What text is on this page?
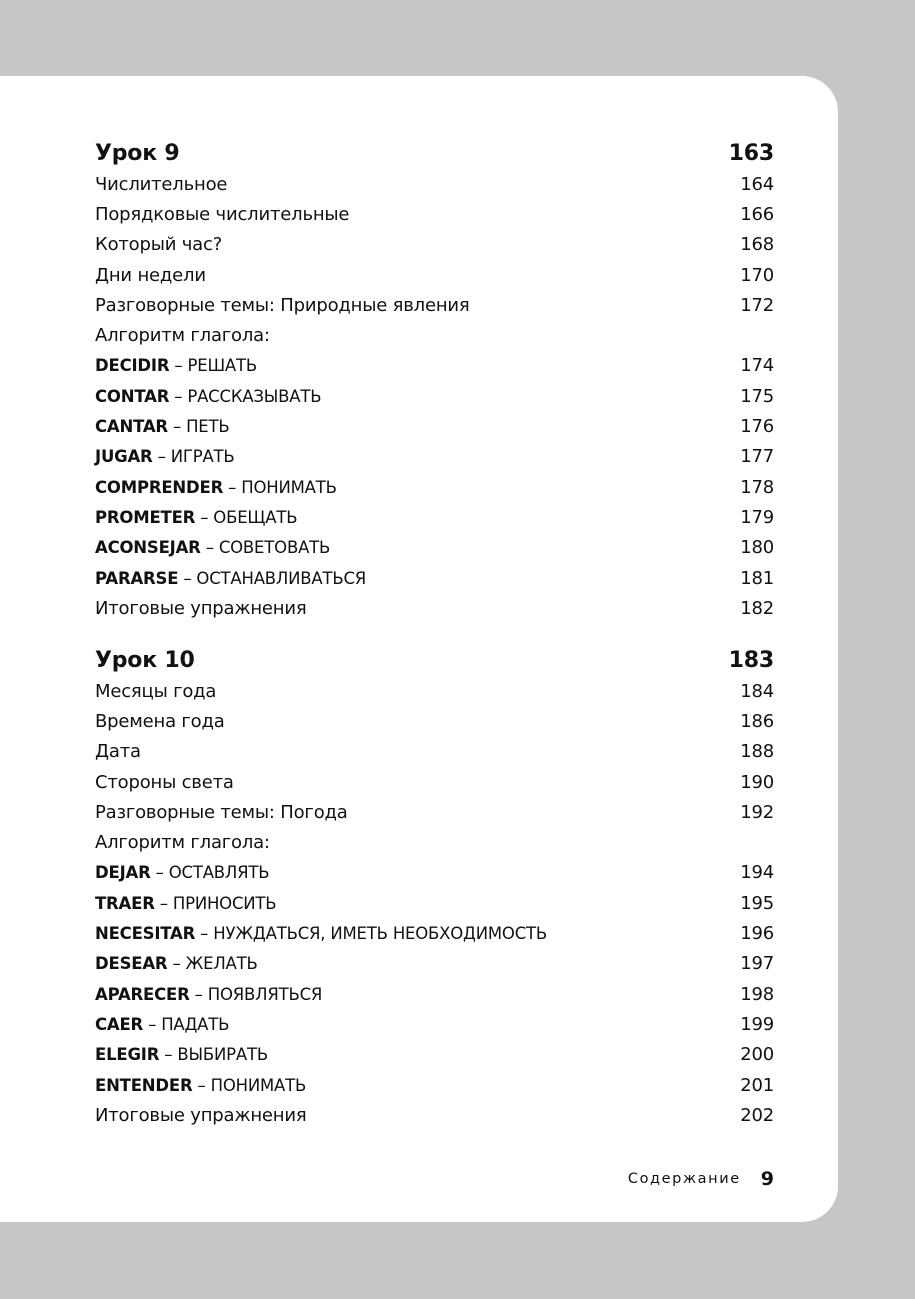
Урок 9	163
Числительное	164
Порядковые числительные	166
Который час?	168
Дни недели	170
Разговорные темы: Природные явления	172
Алгоритм глагола:
DECIDIR – РЕШАТЬ	174
CONTAR – РАССКАЗЫВАТЬ	175
CANTAR – ПЕТЬ	176
JUGAR – ИГРАТЬ	177
COMPRENDER – ПОНИМАТЬ	178
PROMETER – ОБЕЩАТЬ	179
ACONSEJAR – СОВЕТОВАТЬ	180
PARARSE – ОСТАНАВЛИВАТЬСЯ	181
Итоговые упражнения	182
Урок 10	183
Месяцы года	184
Времена года	186
Дата	188
Стороны света	190
Разговорные темы: Погода	192
Алгоритм глагола:
DEJAR – ОСТАВЛЯТЬ	194
TRAER – ПРИНОСИТЬ	195
NECESITAR – НУЖДАТЬСЯ, ИМЕТЬ НЕОБХОДИМОСТЬ	196
DESEAR – ЖЕЛАТЬ	197
APARECER – ПОЯВЛЯТЬСЯ	198
CAER – ПАДАТЬ	199
ELEGIR – ВЫБИРАТЬ	200
ENTENDER – ПОНИМАТЬ	201
Итоговые упражнения	202
Содержание 9
